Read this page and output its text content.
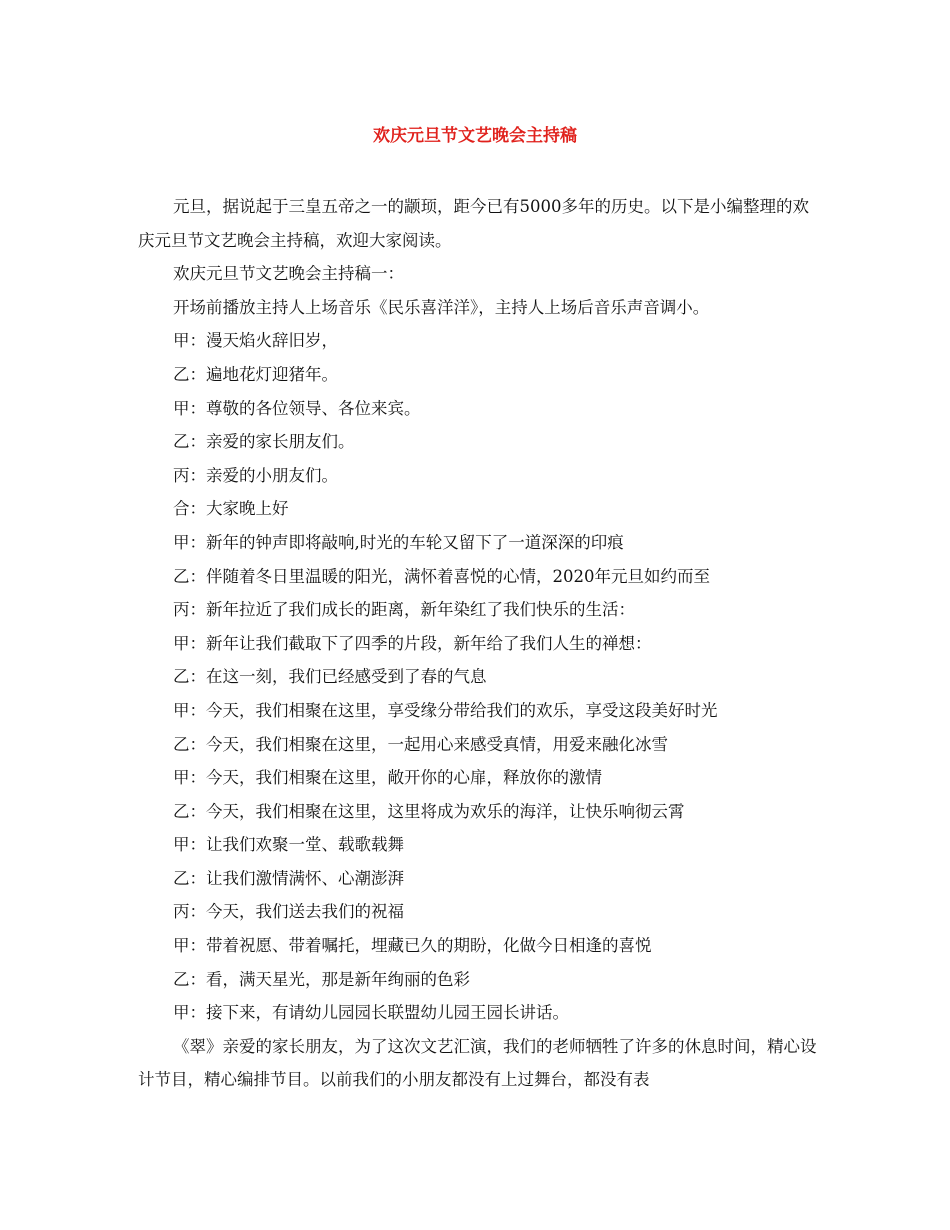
欢庆元旦节文艺晚会主持稿

元旦，据说起于三皇五帝之一的颛顼，距今已有5000多年的历史。以下是小编整理的欢庆元旦节文艺晚会主持稿，欢迎大家阅读。

欢庆元旦节文艺晚会主持稿一：

开场前播放主持人上场音乐《民乐喜洋洋》，主持人上场后音乐声音调小。

甲：漫天焰火辞旧岁，

乙：遍地花灯迎猪年。

甲：尊敬的各位领导、各位来宾。

乙：亲爱的家长朋友们。

丙：亲爱的小朋友们。

合：大家晚上好

甲：新年的钟声即将敲响,时光的车轮又留下了一道深深的印痕

乙：伴随着冬日里温暖的阳光，满怀着喜悦的心情，2020年元旦如约而至

丙：新年拉近了我们成长的距离，新年染红了我们快乐的生活：

甲：新年让我们截取下了四季的片段，新年给了我们人生的禅想：

乙：在这一刻，我们已经感受到了春的气息

甲：今天，我们相聚在这里，享受缘分带给我们的欢乐，享受这段美好时光

乙：今天，我们相聚在这里，一起用心来感受真情，用爱来融化冰雪

甲：今天，我们相聚在这里，敞开你的心扉，释放你的激情

乙：今天，我们相聚在这里，这里将成为欢乐的海洋，让快乐响彻云霄

甲：让我们欢聚一堂、载歌载舞

乙：让我们激情满怀、心潮澎湃

丙：今天，我们送去我们的祝福

甲：带着祝愿、带着嘱托，埋藏已久的期盼，化做今日相逢的喜悦

乙：看，满天星光，那是新年绚丽的色彩

甲：接下来，有请幼儿园园长联盟幼儿园王园长讲话。

《翠》亲爱的家长朋友，为了这次文艺汇演，我们的老师牺牲了许多的休息时间，精心设计节目，精心编排节目。以前我们的小朋友都没有上过舞台，都没有表
